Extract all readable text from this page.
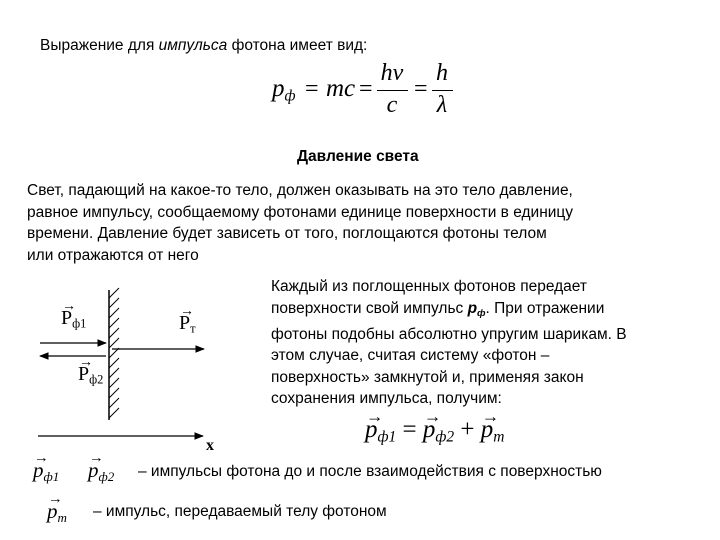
Выражение для импульса фотона имеет вид:
$p_ф$ = mc =
hν
c
=
h
λ
Давление света
Свет, падающий на какое-то тело, должен оказывать на это тело давление,
равное импульсу, сообщаемому фотонами единице поверхности в единицу
времени. Давление будет зависеть от того, поглощаются фотоны телом
или отражаются от него
Каждый из поглощенных фотонов передает
поверхности свой импульс $p_ф$. При отражении
фотоны подобны абсолютно упругим шарикам. В
этом случае, считая систему «фотон –
поверхность» замкнутой и, применяя закон
сохранения импульса, получим:
→ $P_{ф1}$
→	$P_т$
→ $P_{ф2}$
x
→ $p_{ф1}$ = → $p_{ф2}$ + → $p_m$
→ $p_{ф1}$
→ $p_{ф2}$ – импульсы фотона до и после взаимодействия с поверхностью
→ $p_m$ – импульс, передаваемый телу фотоном
